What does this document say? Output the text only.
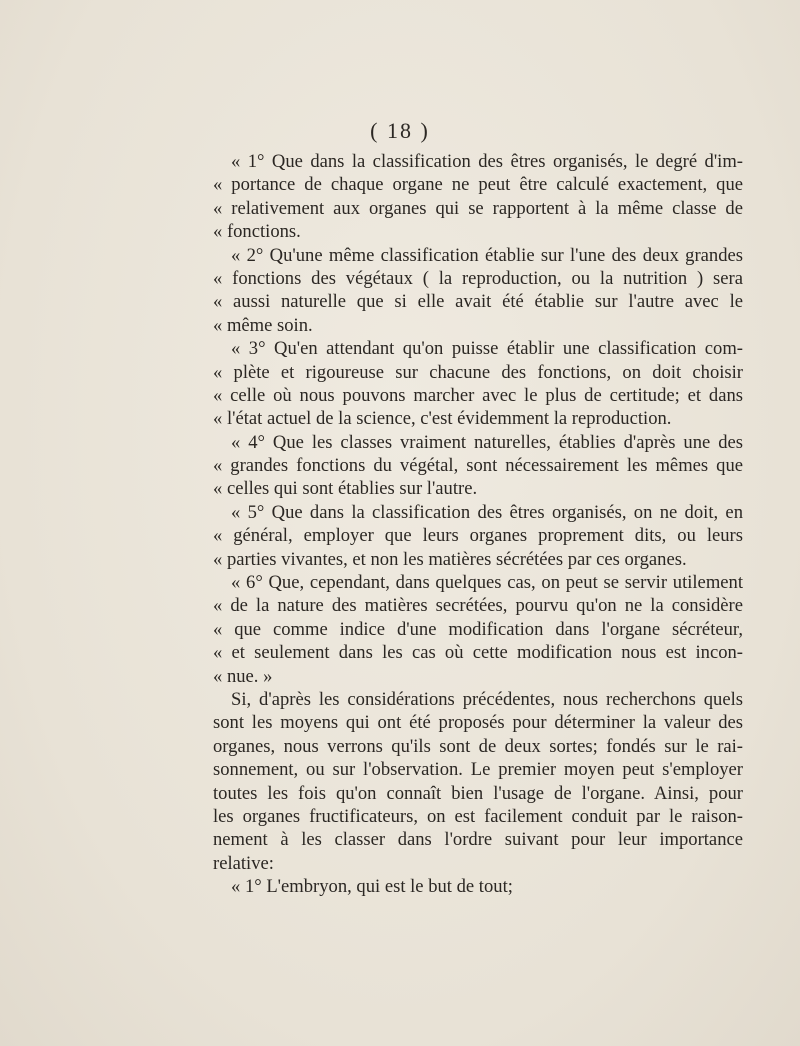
( 18 )
« 1° Que dans la classification des êtres organisés, le degré d'im-
« portance de chaque organe ne peut être calculé exactement, que
« relativement aux organes qui se rapportent à la même classe de
« fonctions.
« 2° Qu'une même classification établie sur l'une des deux grandes
« fonctions des végétaux ( la reproduction, ou la nutrition ) sera
« aussi naturelle que si elle avait été établie sur l'autre avec le
« même soin.
« 3° Qu'en attendant qu'on puisse établir une classification com-
« plète et rigoureuse sur chacune des fonctions, on doit choisir
« celle où nous pouvons marcher avec le plus de certitude; et dans
« l'état actuel de la science, c'est évidemment la reproduction.
« 4° Que les classes vraiment naturelles, établies d'après une des
« grandes fonctions du végétal, sont nécessairement les mêmes que
« celles qui sont établies sur l'autre.
« 5° Que dans la classification des êtres organisés, on ne doit, en
« général, employer que leurs organes proprement dits, ou leurs
« parties vivantes, et non les matières sécrétées par ces organes.
« 6° Que, cependant, dans quelques cas, on peut se servir utilement
« de la nature des matières secrétées, pourvu qu'on ne la considère
« que comme indice d'une modification dans l'organe sécréteur,
« et seulement dans les cas où cette modification nous est incon-
« nue. »
Si, d'après les considérations précédentes, nous recherchons quels
sont les moyens qui ont été proposés pour déterminer la valeur des
organes, nous verrons qu'ils sont de deux sortes; fondés sur le rai-
sonnement, ou sur l'observation. Le premier moyen peut s'employer
toutes les fois qu'on connaît bien l'usage de l'organe. Ainsi, pour
les organes fructificateurs, on est facilement conduit par le raison-
nement à les classer dans l'ordre suivant pour leur importance
relative:
« 1° L'embryon, qui est le but de tout;
